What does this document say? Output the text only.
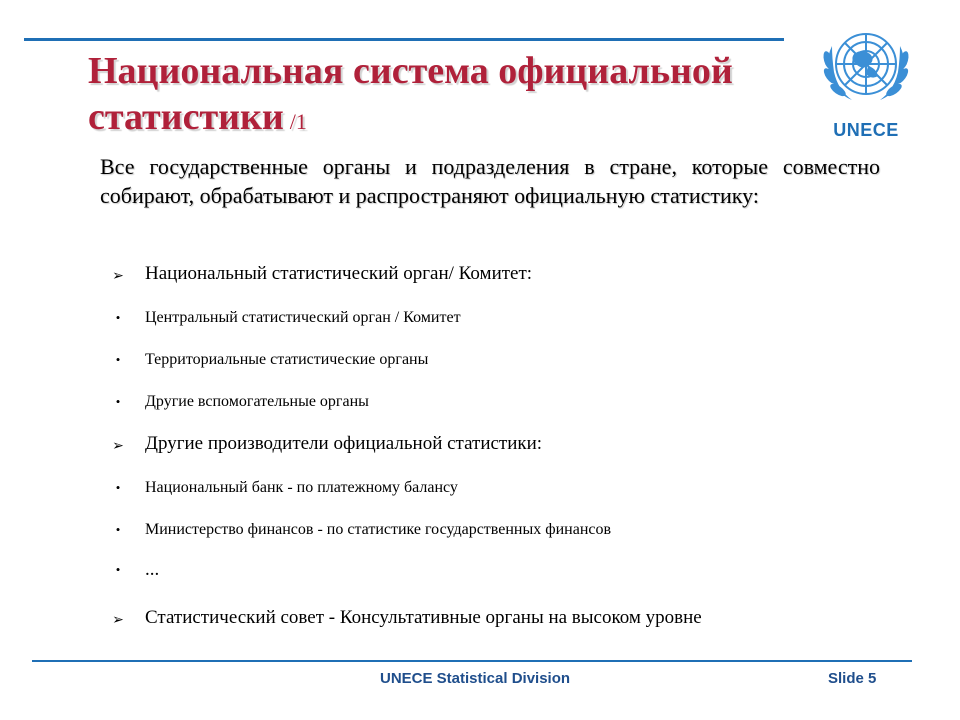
Национальная система официальной статистики /1	UNECE
Все государственные органы и подразделения в стране, которые совместно собирают, обрабатывают и распространяют официальную статистику:
➢ Национальный статистический орган/ Комитет:
•	Центральный статистический орган / Комитет
•	Территориальные статистические органы
•	Другие вспомогательные органы
➢ Другие производители официальной статистики:
•	Национальный банк - по платежному балансу
•	Министерство финансов - по статистике государственных финансов
•	...
➢ Статистический совет - Консультативные органы на высоком уровне
UNECE Statistical Division	Slide 5
